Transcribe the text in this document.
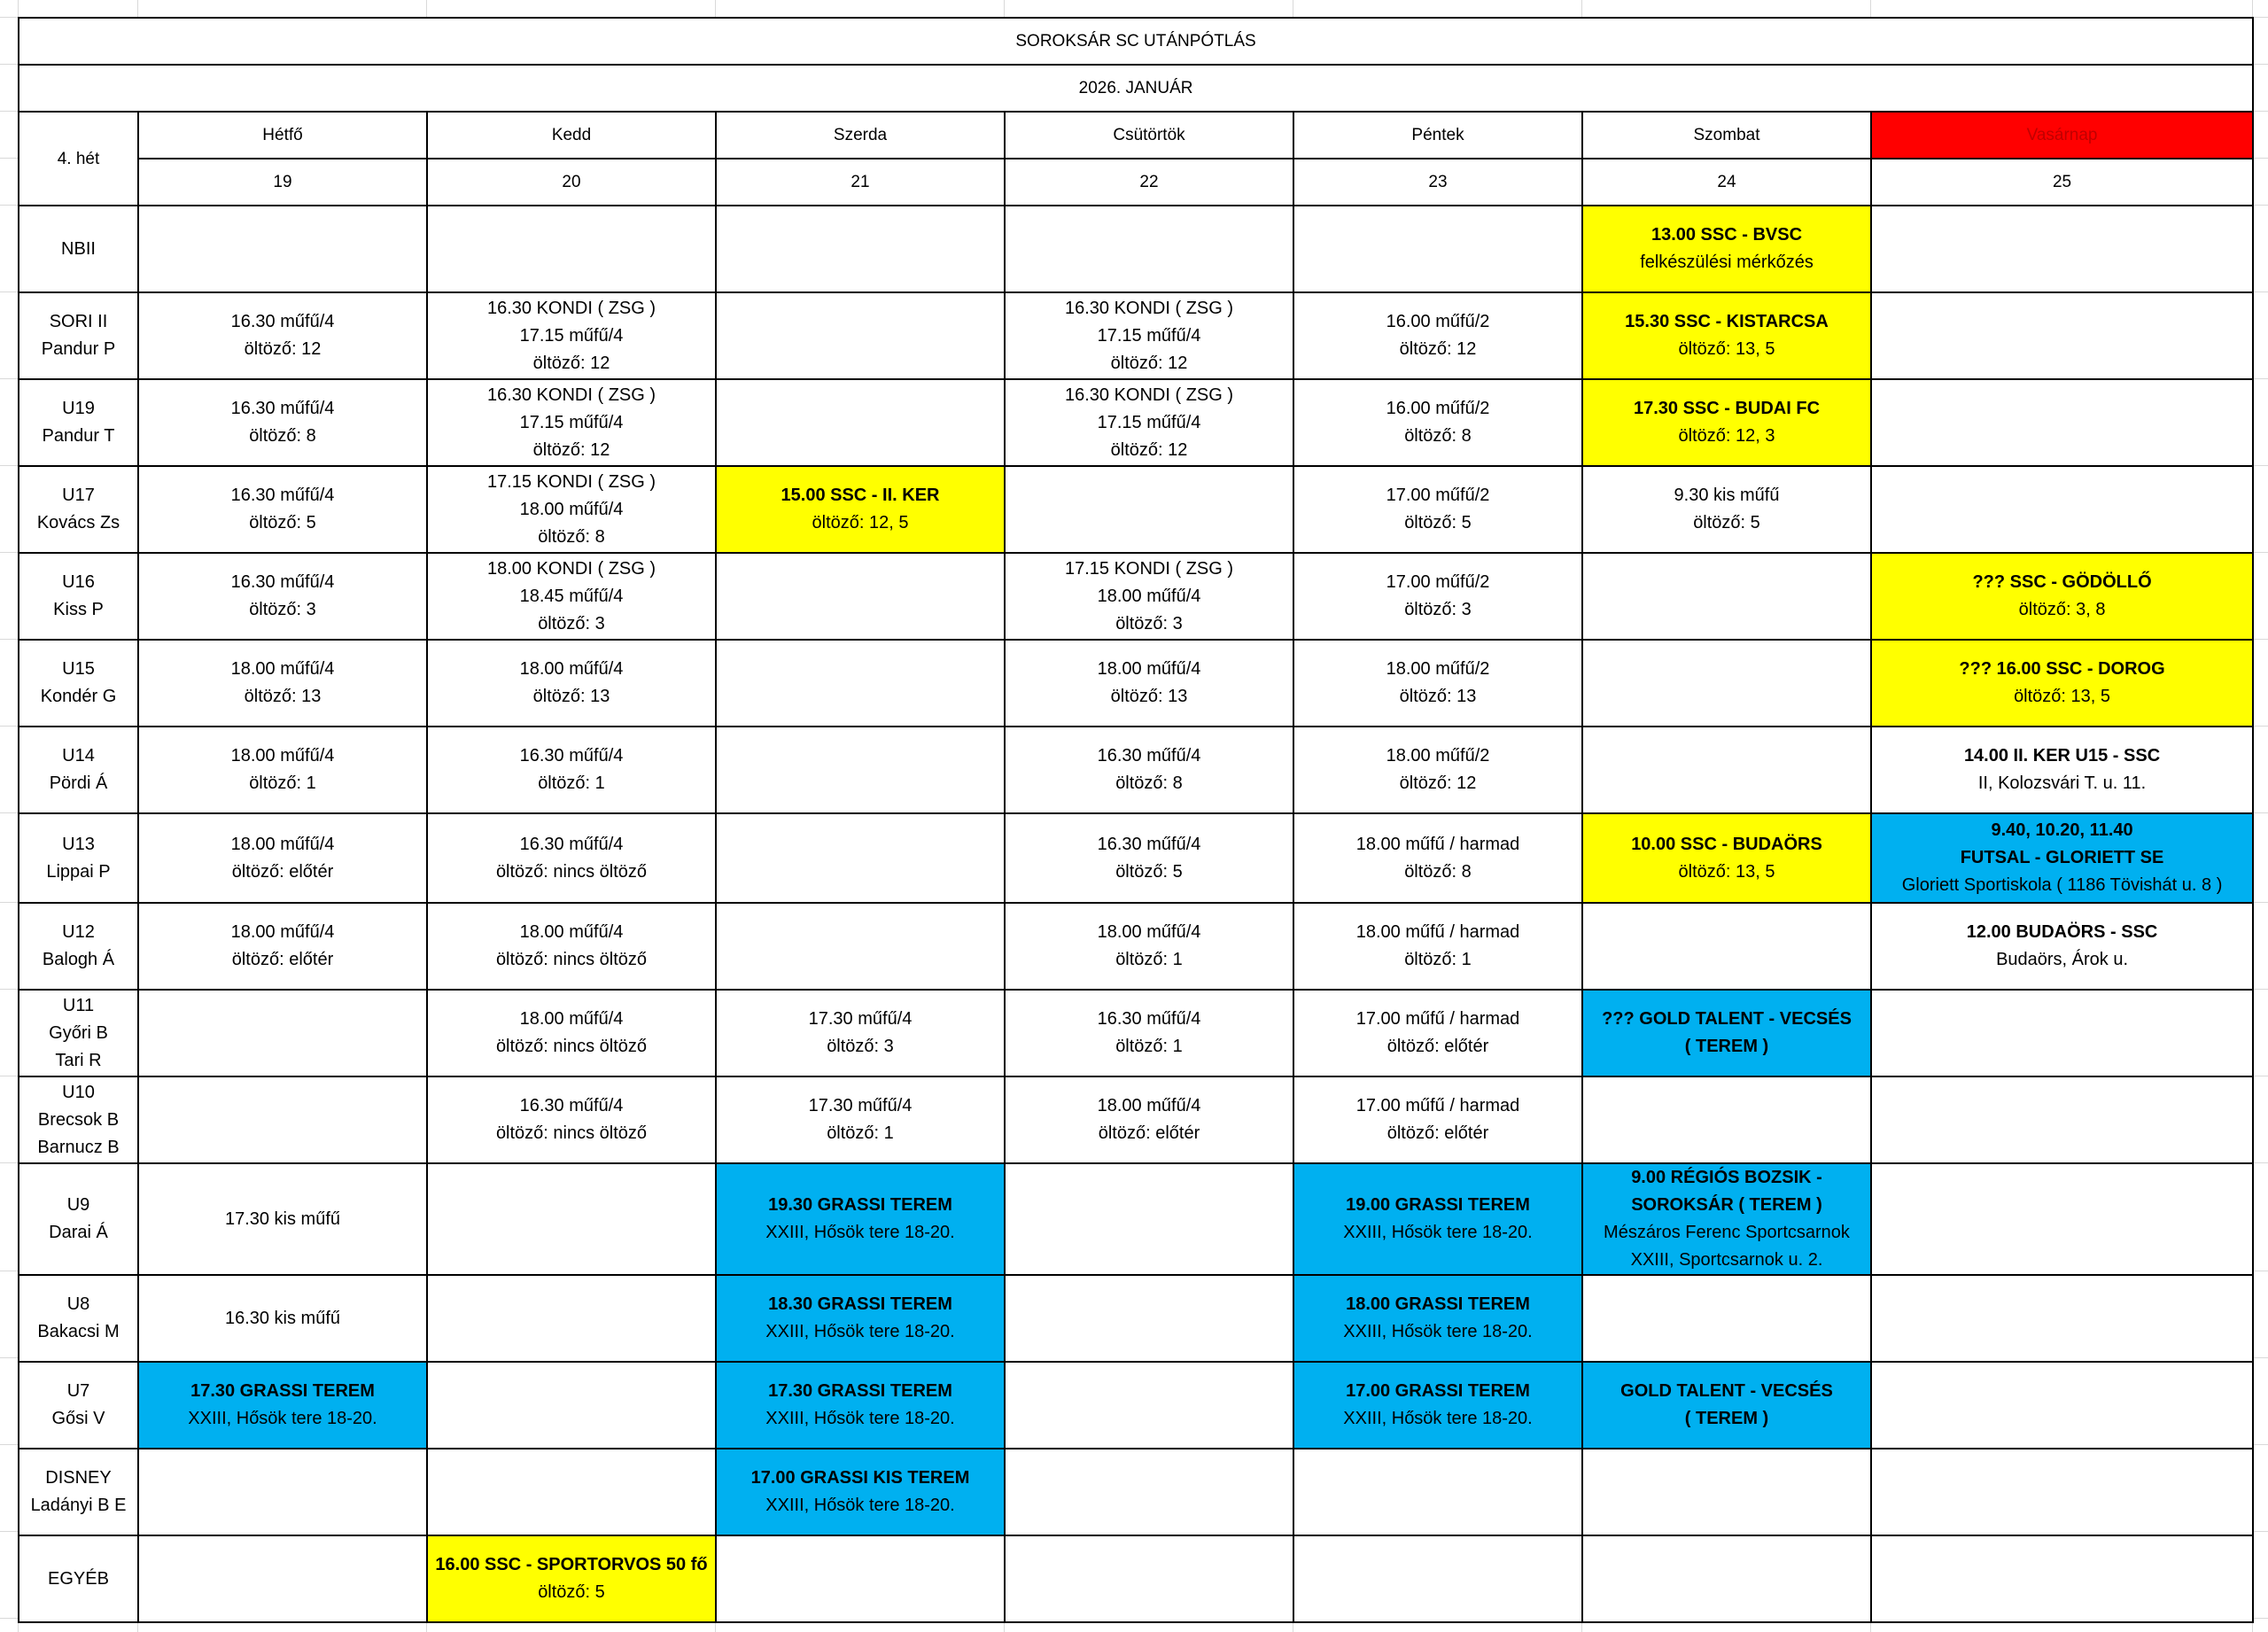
SOROKSÁR SC UTÁNPÓTLÁS							
2026. JANUÁR							
4. hét	Hétfő	Kedd	Szerda	Csütörtök	Péntek	Szombat	Vasárnap
	19	20	21	22	23	24	25

NBII						13.00 SSC - BVSC
felkészülési mérkőzés	

SORI II
Pandur P	16.30 műfű/4
öltöző: 12	16.30 KONDI ( ZSG )
17.15 műfű/4
öltöző: 12		16.30 KONDI ( ZSG )
17.15 műfű/4
öltöző: 12	16.00 műfű/2
öltöző: 12	15.30 SSC - KISTARCSA
öltöző: 13, 5	

U19
Pandur T	16.30 műfű/4
öltöző: 8	16.30 KONDI ( ZSG )
17.15 műfű/4
öltöző: 12		16.30 KONDI ( ZSG )
17.15 műfű/4
öltöző: 12	16.00 műfű/2
öltöző: 8	17.30 SSC - BUDAI FC
öltöző: 12, 3	

U17
Kovács Zs	16.30 műfű/4
öltöző: 5	17.15 KONDI ( ZSG )
18.00 műfű/4
öltöző: 8	15.00 SSC - II. KER
öltöző: 12, 5		17.00 műfű/2
öltöző: 5	9.30 kis műfű
öltöző: 5	

U16
Kiss P	16.30 műfű/4
öltöző: 3	18.00 KONDI ( ZSG )
18.45 műfű/4
öltöző: 3		17.15 KONDI ( ZSG )
18.00 műfű/4
öltöző: 3	17.00 műfű/2
öltöző: 3		??? SSC - GÖDÖLLŐ
öltöző: 3, 8

U15
Kondér G	18.00 műfű/4
öltöző: 13	18.00 műfű/4
öltöző: 13		18.00 műfű/4
öltöző: 13	18.00 műfű/2
öltöző: 13		??? 16.00 SSC - DOROG
öltöző: 13, 5

U14
Pördi Á	18.00 műfű/4
öltöző: 1	16.30 műfű/4
öltöző: 1		16.30 műfű/4
öltöző: 8	18.00 műfű/2
öltöző: 12		14.00 II. KER U15 - SSC
II, Kolozsvári T. u. 11.

U13
Lippai P	18.00 műfű/4
öltöző: előtér	16.30 műfű/4
öltöző: nincs öltöző		16.30 műfű/4
öltöző: 5	18.00 műfű / harmad
öltöző: 8	10.00 SSC - BUDAÖRS
öltöző: 13, 5	9.40, 10.20, 11.40
FUTSAL - GLORIETT SE
Gloriett Sportiskola ( 1186 Tövishát u. 8 )

U12
Balogh Á	18.00 műfű/4
öltöző: előtér	18.00 műfű/4
öltöző: nincs öltöző		18.00 műfű/4
öltöző: 1	18.00 műfű / harmad
öltöző: 1		12.00 BUDAÖRS - SSC
Budaörs, Árok u.

U11
Győri B
Tari R		18.00 műfű/4
öltöző: nincs öltöző	17.30 műfű/4
öltöző: 3	16.30 műfű/4
öltöző: 1	17.00 műfű / harmad
öltöző: előtér	??? GOLD TALENT - VECSÉS
( TEREM )	

U10
Brecsok B
Barnucz B		16.30 műfű/4
öltöző: nincs öltöző	17.30 műfű/4
öltöző: 1	18.00 műfű/4
öltöző: előtér	17.00 műfű / harmad
öltöző: előtér		

U9
Darai Á	17.30 kis műfű		19.30 GRASSI TEREM
XXIII, Hősök tere 18-20.		19.00 GRASSI TEREM
XXIII, Hősök tere 18-20.	9.00 RÉGIÓS BOZSIK -
SOROKSÁR ( TEREM )
Mészáros Ferenc Sportcsarnok
XXIII, Sportcsarnok u. 2.	

U8
Bakacsi M	16.30 kis műfű		18.30 GRASSI TEREM
XXIII, Hősök tere 18-20.		18.00 GRASSI TEREM
XXIII, Hősök tere 18-20.		

U7
Gősi V	17.30 GRASSI TEREM
XXIII, Hősök tere 18-20.		17.30 GRASSI TEREM
XXIII, Hősök tere 18-20.		17.00 GRASSI TEREM
XXIII, Hősök tere 18-20.	GOLD TALENT - VECSÉS
( TEREM )	

DISNEY
Ladányi B E			17.00 GRASSI KIS TEREM
XXIII, Hősök tere 18-20.				

EGYÉB		16.00 SSC - SPORTORVOS 50 fő
öltöző: 5					
